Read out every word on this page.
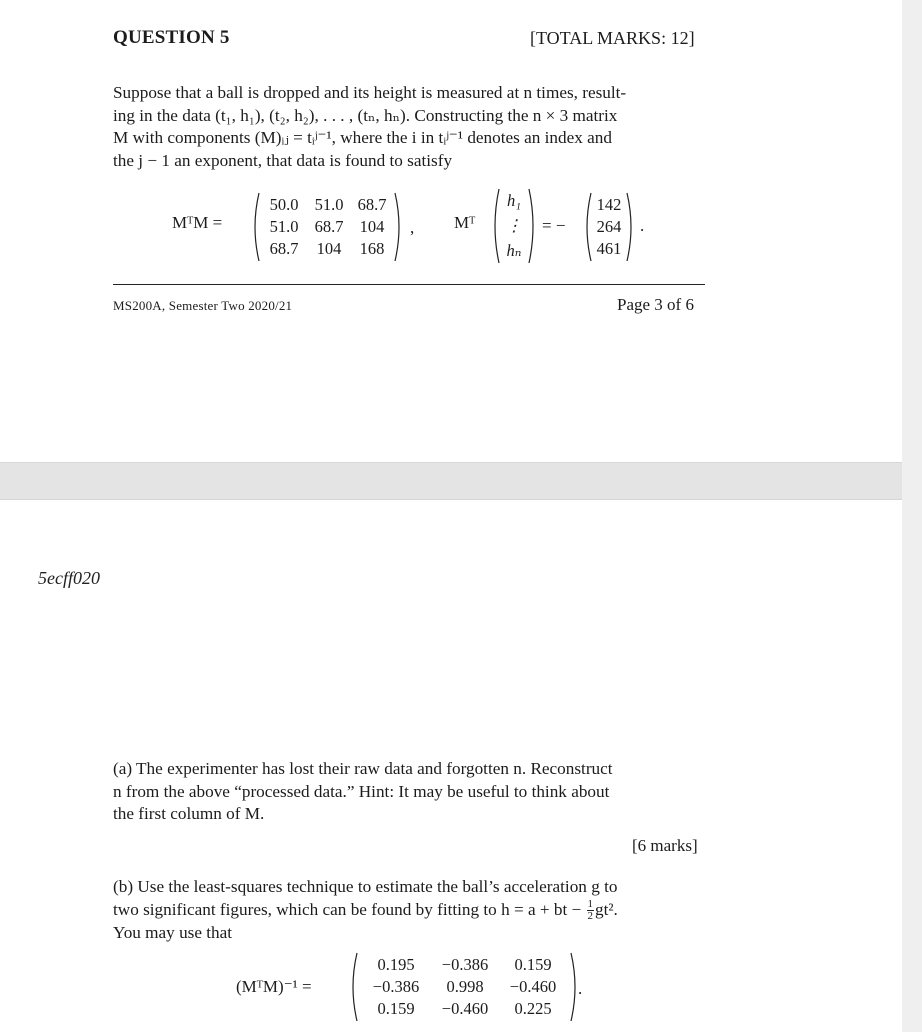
QUESTION 5	[TOTAL MARKS: 12]

Suppose that a ball is dropped and its height is measured at n times, result-

ing in the data (t₁, h₁), (t₂, h₂), . . . , (tₙ, hₙ). Constructing the n × 3 matrix

M with components (M)ᵢⱼ = tᵢʲ⁻¹, where the i in tᵢʲ⁻¹ denotes an index and

the j − 1 an exponent, that data is found to satisfy

MᵀM =
50.0 51.0 68.7
51.0 68.7 104
68.7	104	168
, Mᵀ
h₁
⋮
hₙ
= −
142
264
461
.
MS200A, Semester Two 2020/21	Page 3 of 6
5ecff020

(a) The experimenter has lost their raw data and forgotten n. Reconstruct

n from the above “processed data.” Hint: It may be useful to think about

the first column of M.

[6 marks]

(b) Use the least-squares technique to estimate the ball’s acceleration g to

two significant figures, which can be found by fitting to h = a + bt − $\frac{1}{2} gt^2$.

You may use that

(MᵀM)⁻¹ =
0.195	−0.386	0.159
−0.386	0.998	−0.460
0.159	−0.460	0.225
.
